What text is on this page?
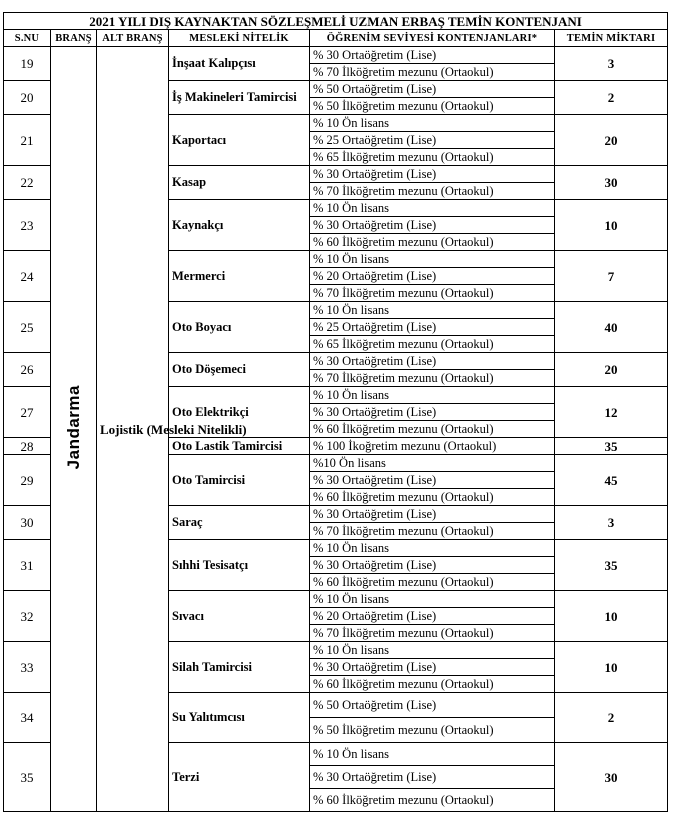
2021 YILI DIŞ KAYNAKTAN SÖZLEŞMELİ UZMAN ERBAŞ TEMİN KONTENJANI					
S.NU	BRANŞ	ALT BRANŞ	MESLEKİ NİTELİK	ÖĞRENİM SEVİYESİ KONTENJANLARI*	TEMİN MİKTARI
19	Jandarma	Lojistik (Mesleki Nitelikli)	İnşaat Kalıpçısı	% 30 Ortaöğretim (Lise)	3
				% 70 İlköğretim mezunu (Ortaokul)	
20			İş Makineleri Tamircisi	% 50 Ortaöğretim (Lise)	2
				% 50 İlköğretim mezunu (Ortaokul)	
21			Kaportacı	% 10 Ön lisans	20
				% 25 Ortaöğretim (Lise)	
				% 65 İlköğretim mezunu (Ortaokul)	
22			Kasap	% 30 Ortaöğretim (Lise)	30
				% 70 İlköğretim mezunu (Ortaokul)	
23			Kaynakçı	% 10 Ön lisans	10
				% 30 Ortaöğretim (Lise)	
				% 60 İlköğretim mezunu (Ortaokul)	
24			Mermerci	% 10 Ön lisans	7
				% 20 Ortaöğretim (Lise)	
				% 70 İlköğretim mezunu (Ortaokul)	
25			Oto Boyacı	% 10 Ön lisans	40
				% 25 Ortaöğretim (Lise)	
				% 65 İlköğretim mezunu (Ortaokul)	
26			Oto Döşemeci	% 30 Ortaöğretim (Lise)	20
				% 70 İlköğretim mezunu (Ortaokul)	
27			Oto Elektrikçi	% 10 Ön lisans	12
				% 30 Ortaöğretim (Lise)	
				% 60 İlköğretim mezunu (Ortaokul)	
28			Oto Lastik Tamircisi	% 100 İkoğretim mezunu (Ortaokul)	35
29			Oto Tamircisi	%10 Ön lisans	45
				% 30 Ortaöğretim (Lise)	
				% 60 İlköğretim mezunu (Ortaokul)	
30			Saraç	% 30 Ortaöğretim (Lise)	3
				% 70 İlköğretim mezunu (Ortaokul)	
31			Sıhhi Tesisatçı	% 10 Ön lisans	35
				% 30 Ortaöğretim (Lise)	
				% 60 İlköğretim mezunu (Ortaokul)	
32			Sıvacı	% 10 Ön lisans	10
				% 20 Ortaöğretim (Lise)	
				% 70 İlköğretim mezunu (Ortaokul)	
33			Silah Tamircisi	% 10 Ön lisans	10
				% 30 Ortaöğretim (Lise)	
				% 60 İlköğretim mezunu (Ortaokul)	
34			Su Yalıtımcısı	% 50 Ortaöğretim (Lise)	2
				% 50 İlköğretim mezunu (Ortaokul)	
35			Terzi	% 10 Ön lisans	30
				% 30 Ortaöğretim (Lise)	
				% 60 İlköğretim mezunu (Ortaokul)	
